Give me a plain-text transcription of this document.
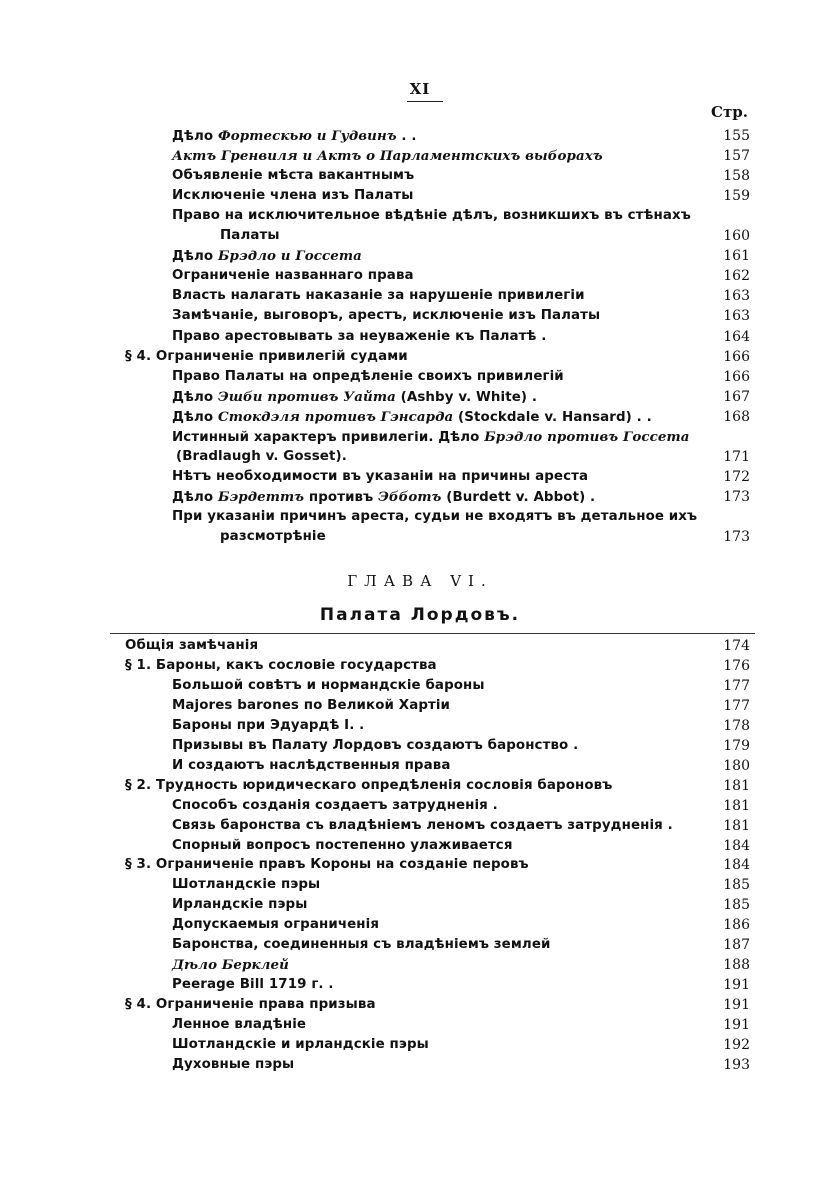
XI
Стр.
Дѣло Фортескью и Гудвинъ . .	155
Актъ Гренвиля и Актъ о Парламентскихъ выборахъ	157
Объявленіе мѣста вакантнымъ	158
Исключеніе члена изъ Палаты	159
Право на исключительное вѣдѣніе дѣлъ, возникшихъ въ стѣнахъ
Палаты	160
Дѣло Брэдло и Госсета	161
Ограниченіе названнаго права	162
Власть налагать наказаніе за нарушеніе привилегіи	163
Замѣчаніе, выговоръ, арестъ, исключеніе изъ Палаты	163
Право арестовывать за неуваженіе къ Палатѣ .	164
§ 4. Ограниченіе привилегій судами	166
Право Палаты на опредѣленіе своихъ привилегій	166
Дѣло Эшби противъ Уайта (Ashby v. White) .	167
Дѣло Стокдэля противъ Гэнсарда (Stockdale v. Hansard) . .	168
Истинный характеръ привилегіи. Дѣло Брэдло противъ Госсета
(Bradlaugh v. Gosset).	171
Нѣтъ необходимости въ указаніи на причины ареста	172
Дѣло Бэрдеттъ противъ Эбботъ (Burdett v. Abbot) .	173
При указаніи причинъ ареста, судьи не входятъ въ детальное ихъ
разсмотрѣніе	173
ГЛАВА VI.
Палата Лордовъ.
Общія замѣчанія	174
§ 1. Бароны, какъ сословіе государства	176
Большой совѣтъ и нормандскіе бароны	177
Majores barones по Великой Хартіи	177
Бароны при Эдуардѣ I. .	178
Призывы въ Палату Лордовъ создаютъ баронство .	179
И создаютъ наслѣдственныя права	180
§ 2. Трудность юридическаго опредѣленія сословія бароновъ	181
Способъ созданія создаетъ затрудненія .	181
Связь баронства съ владѣніемъ леномъ создаетъ затрудненія .	181
Спорный вопросъ постепенно улаживается	184
§ 3. Ограниченіе правъ Короны на созданіе перовъ	184
Шотландскіе пэры	185
Ирландскіе пэры	185
Допускаемыя ограниченія	186
Баронства, соединенныя съ владѣніемъ землей	187
Дѣло Берклей	188
Peerage Bill 1719 г. .	191
§ 4. Ограниченіе права призыва	191
Ленное владѣніе	191
Шотландскіе и ирландскіе пэры	192
Духовные пэры	193
